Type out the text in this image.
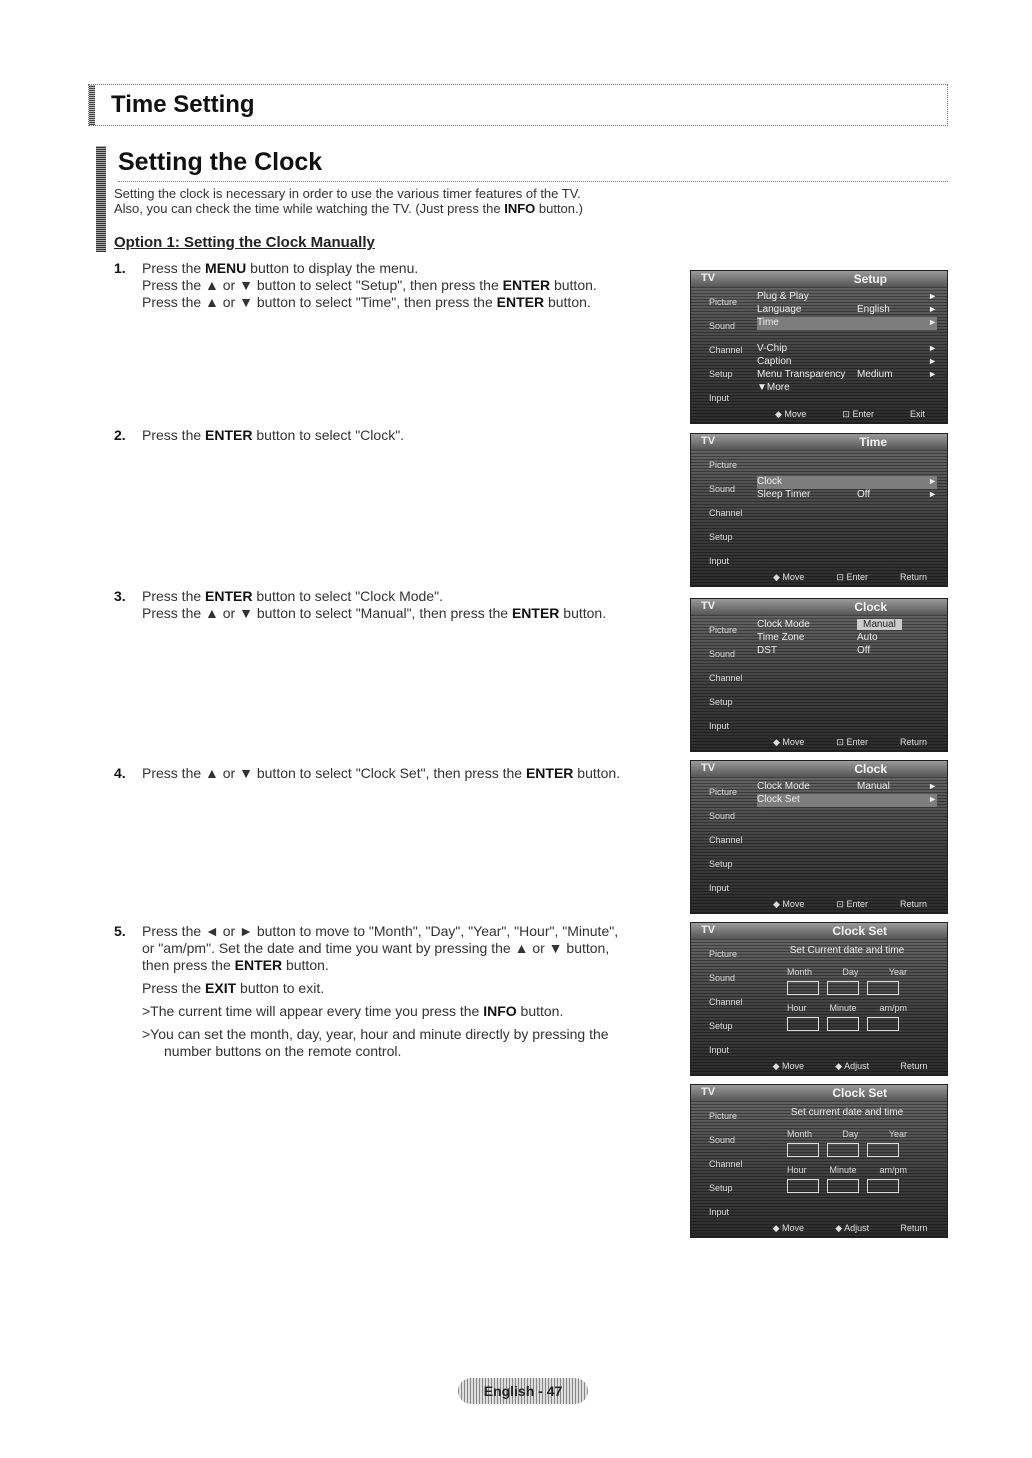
Time Setting
Setting the Clock
Setting the clock is necessary in order to use the various timer features of the TV.
Also, you can check the time while watching the TV. (Just press the INFO button.)
Option 1: Setting the Clock Manually
1. Press the MENU button to display the menu.
Press the ▲ or ▼ button to select "Setup", then press the ENTER button.
Press the ▲ or ▼ button to select "Time", then press the ENTER button.
2. Press the ENTER button to select "Clock".
3. Press the ENTER button to select "Clock Mode".
Press the ▲ or ▼ button to select "Manual", then press the ENTER button.
4. Press the ▲ or ▼ button to select "Clock Set", then press the ENTER button.
5. Press the ◄ or ► button to move to "Month", "Day", "Year", "Hour", "Minute",
or "am/pm". Set the date and time you want by pressing the ▲ or ▼ button,
then press the ENTER button.
Press the EXIT button to exit.
>The current time will appear every time you press the INFO button.
>You can set the month, day, year, hour and minute directly by pressing the
number buttons on the remote control.
TV	Setup
Picture
Sound
Channel
Setup
Input
Plug & Play	►
Language	English	►
Time	►
V-Chip	►
Caption	►
Menu Transparency Medium	►
▼More
◆ Move	⊡ Enter	Exit
TV	Time
Picture
Sound
Channel
Setup
Input
Clock	►
Sleep Timer	Off	►
◆ Move	⊡ Enter	Return
TV	Clock
Picture
Sound
Channel
Setup
Input
Clock Mode	Manual
Time Zone	Auto
DST	Off
◆ Move	⊡ Enter	Return
TV	Clock
Picture
Sound
Channel
Setup
Input
Clock Mode	Manual	►
Clock Set	►
◆ Move	⊡ Enter	Return
TV	Clock Set
Picture
Sound
Channel
Setup
Input
Set Current date and time
Month	Day	Year
Hour	Minute	am/pm
◆ Move	◆ Adjust	Return
TV	Clock Set
Picture
Sound
Channel
Setup
Input
Set current date and time
Month	Day	Year
Hour	Minute	am/pm
◆ Move	◆ Adjust	Return
English - 47
